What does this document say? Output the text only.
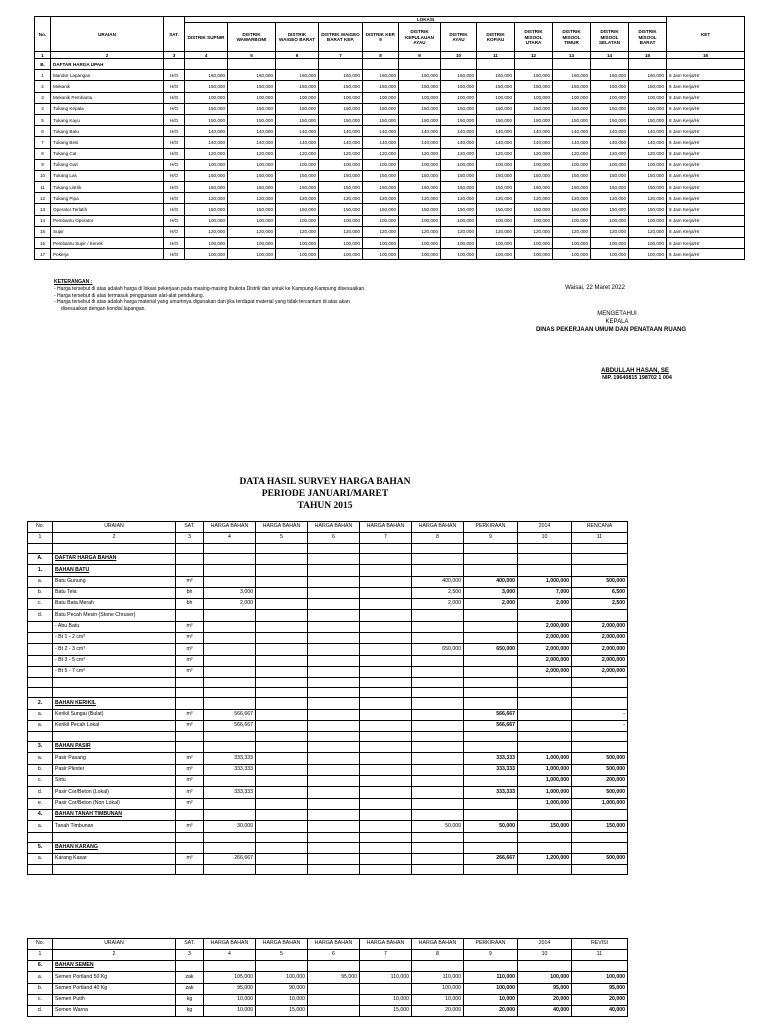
No.	URAIAN	SAT.	LOKASI												KET
			DISTRIK SUPNIR	DISTRIK WAWARBOMI	DISTRIK WAIGEO BARAT	DISTRIK WAIGEO BARAT KEP.	DISTRIK KEP. 9	DISTRIK KEPULAUAN AYAU	DISTRIK AYAU	DISTRIK KOFIAU	DISTRIK MISOOL UTARA	DISTRIK MISOOL TIMUR	DISTRIK MISOOL SELATAN	DISTRIK MISOOL BARAT	
1	2	3	4	5	6	7	8	9	10	11	12	13	14	15	16
B.	DAFTAR HARGA UPAH														
1	Mandor Lapangan	H/O	160,000	160,000	160,000	160,000	160,000	160,000	160,000	160,000	160,000	160,000	160,000	160,000	8 Jam Kerja/Hr
2	Mekanik	H/O	150,000	150,000	150,000	150,000	150,000	150,000	150,000	150,000	150,000	150,000	150,000	150,000	8 Jam Kerja/Hr
3	Mekanik Pembantu	H/O	100,000	100,000	100,000	100,000	100,000	100,000	100,000	100,000	100,000	100,000	100,000	100,000	8 Jam Kerja/Hr
4	Tukang Kepala	H/O	150,000	150,000	150,000	150,000	150,000	150,000	150,000	150,000	150,000	150,000	150,000	150,000	8 Jam Kerja/Hr
5	Tukang Kayu	H/O	150,000	150,000	150,000	150,000	150,000	150,000	150,000	150,000	150,000	150,000	150,000	150,000	8 Jam Kerja/Hr
6	Tukang Batu	H/O	140,000	140,000	140,000	140,000	140,000	140,000	140,000	140,000	140,000	140,000	140,000	140,000	8 Jam Kerja/Hr
7	Tukang Besi	H/O	140,000	140,000	140,000	140,000	140,000	140,000	140,000	140,000	140,000	140,000	140,000	140,000	8 Jam Kerja/Hr
8	Tukang Cat	H/O	120,000	120,000	120,000	120,000	120,000	120,000	120,000	120,000	120,000	120,000	120,000	120,000	8 Jam Kerja/Hr
9	Tukang Gali	H/O	100,000	100,000	100,000	100,000	100,000	100,000	100,000	100,000	100,000	100,000	100,000	100,000	8 Jam Kerja/Hr
10	Tukang Las	H/O	150,000	150,000	150,000	150,000	150,000	150,000	150,000	150,000	150,000	150,000	150,000	150,000	8 Jam Kerja/Hr
11	Tukang Listrik	H/O	150,000	150,000	150,000	150,000	150,000	150,000	150,000	150,000	150,000	150,000	150,000	150,000	8 Jam Kerja/Hr
12	Tukang Pipa	H/O	120,000	120,000	120,000	120,000	120,000	120,000	120,000	120,000	120,000	120,000	120,000	120,000	8 Jam Kerja/Hr
13	Operator Terlatih	H/O	150,000	150,000	150,000	150,000	150,000	150,000	150,000	150,000	150,000	150,000	150,000	150,000	8 Jam Kerja/Hr
14	Pembantu Operator	H/O	100,000	100,000	100,000	100,000	100,000	100,000	100,000	100,000	100,000	100,000	100,000	100,000	8 Jam Kerja/Hr
15	Supir	H/O	120,000	120,000	120,000	120,000	120,000	120,000	120,000	120,000	120,000	120,000	120,000	120,000	8 Jam Kerja/Hr
16	Pembantu Supir / Kenek	H/O	100,000	100,000	100,000	100,000	100,000	100,000	100,000	100,000	100,000	100,000	100,000	100,000	8 Jam Kerja/Hr
17	Pekerja	H/O	100,000	100,000	100,000	100,000	100,000	100,000	100,000	100,000	100,000	100,000	100,000	100,000	8 Jam Kerja/Hr
KETERANGAN :
- Harga tersebut di atas adalah harga di lokasi pekerjaan pada masing-masing Ibukota Distrik dan untuk ke Kampung-Kampung disesuaikan.
- Harga tersebut di atas termasuk penggunaan alat-alat pendukung.
- Harga tersebut di atas adalah harga material yang umumnya digunakan dan jika terdapat material yang tidak tercantum di atas akan
disesuaikan dengan kondisi lapangan.
Waisai, 22 Maret 2022
MENGETAHUI
KEPALA
DINAS PEKERJAAN UMUM DAN PENATAAN RUANG
ABDULLAH HASAN, SE
NIP. 19640815 198702 1 004
DATA HASIL SURVEY HARGA BAHAN
PERIODE JANUARI/MARET
TAHUN 2015
No.	URAIAN	SAT.	HARGA BAHAN	HARGA BAHAN	HARGA BAHAN	HARGA BAHAN	HARGA BAHAN	PERKIRAAN	2014	RENCANA
1	2	3	4	5	6	7	8	9	10	11

A.	DAFTAR HARGA BAHAN									
1.	BAHAN BATU									
a.	Batu Gunung	m³					400,000	400,000	1,000,000	500,000
b.	Batu Tela	bh	3,000				2,500	3,000	7,000	6,500
c.	Batu Bata Merah	bh	2,000				2,000	2,000	2,000	2,500
d.	Batu Pecah Mesin (Stone Chruser)									
	- Abu Batu	m³							2,000,000	2,000,000
	- Bt 1 - 2 cm³	m³							2,000,000	2,000,000
	- Bt 2 - 3 cm³	m³					650,000	650,000	2,000,000	2,000,000
	- Bt 3 - 5 cm³	m³							2,000,000	2,000,000
	- Bt 5 - 7 cm³	m³							2,000,000	2,000,000

2.	BAHAN KERIKIL									
a.	Kerikil Sungai (Bulat)	m³	566,667					566,667		-
a.	Kerikil Pecah Lokal	m³	566,667					566,667		-

3.	BAHAN PASIR									
a.	Pasir Pasang	m³	333,333					333,333	1,000,000	500,000
b.	Pasir Plester	m³	333,333					333,333	1,000,000	500,000
c.	Sirtu	m³							1,000,000	200,000
d.	Pasir Cor/Beton (Lokal)	m³	333,333					333,333	1,000,000	500,000
e.	Pasir Cor/Beton (Non Lokal)	m³							1,000,000	1,000,000
4.	BAHAN TANAH TIMBUNAN									
a.	Tanah Timbunan	m³	30,000				50,000	50,000	150,000	150,000

5.	BAHAN KARANG									
a.	Karang Kasar	m³	266,667					266,667	1,200,000	500,000

No.	URAIAN	SAT.	HARGA BAHAN	HARGA BAHAN	HARGA BAHAN	HARGA BAHAN	HARGA BAHAN	PERKIRAAN	2014	REVISI
1	2	3	4	5	6	7	8	9	10	11
6.	BAHAN SEMEN									
a.	Semen Portland 50 Kg	zak	105,000	100,000	95,000	110,000	110,000	110,000	100,000	100,000
b.	Semen Portland 40 Kg	zak	95,000	90,000			100,000	100,000	95,000	95,000
c.	Semen Putih	kg	10,000	10,000		10,000	10,000	10,000	20,000	20,000
d.	Semen Warna	kg	10,000	15,000		15,000	20,000	20,000	40,000	40,000
